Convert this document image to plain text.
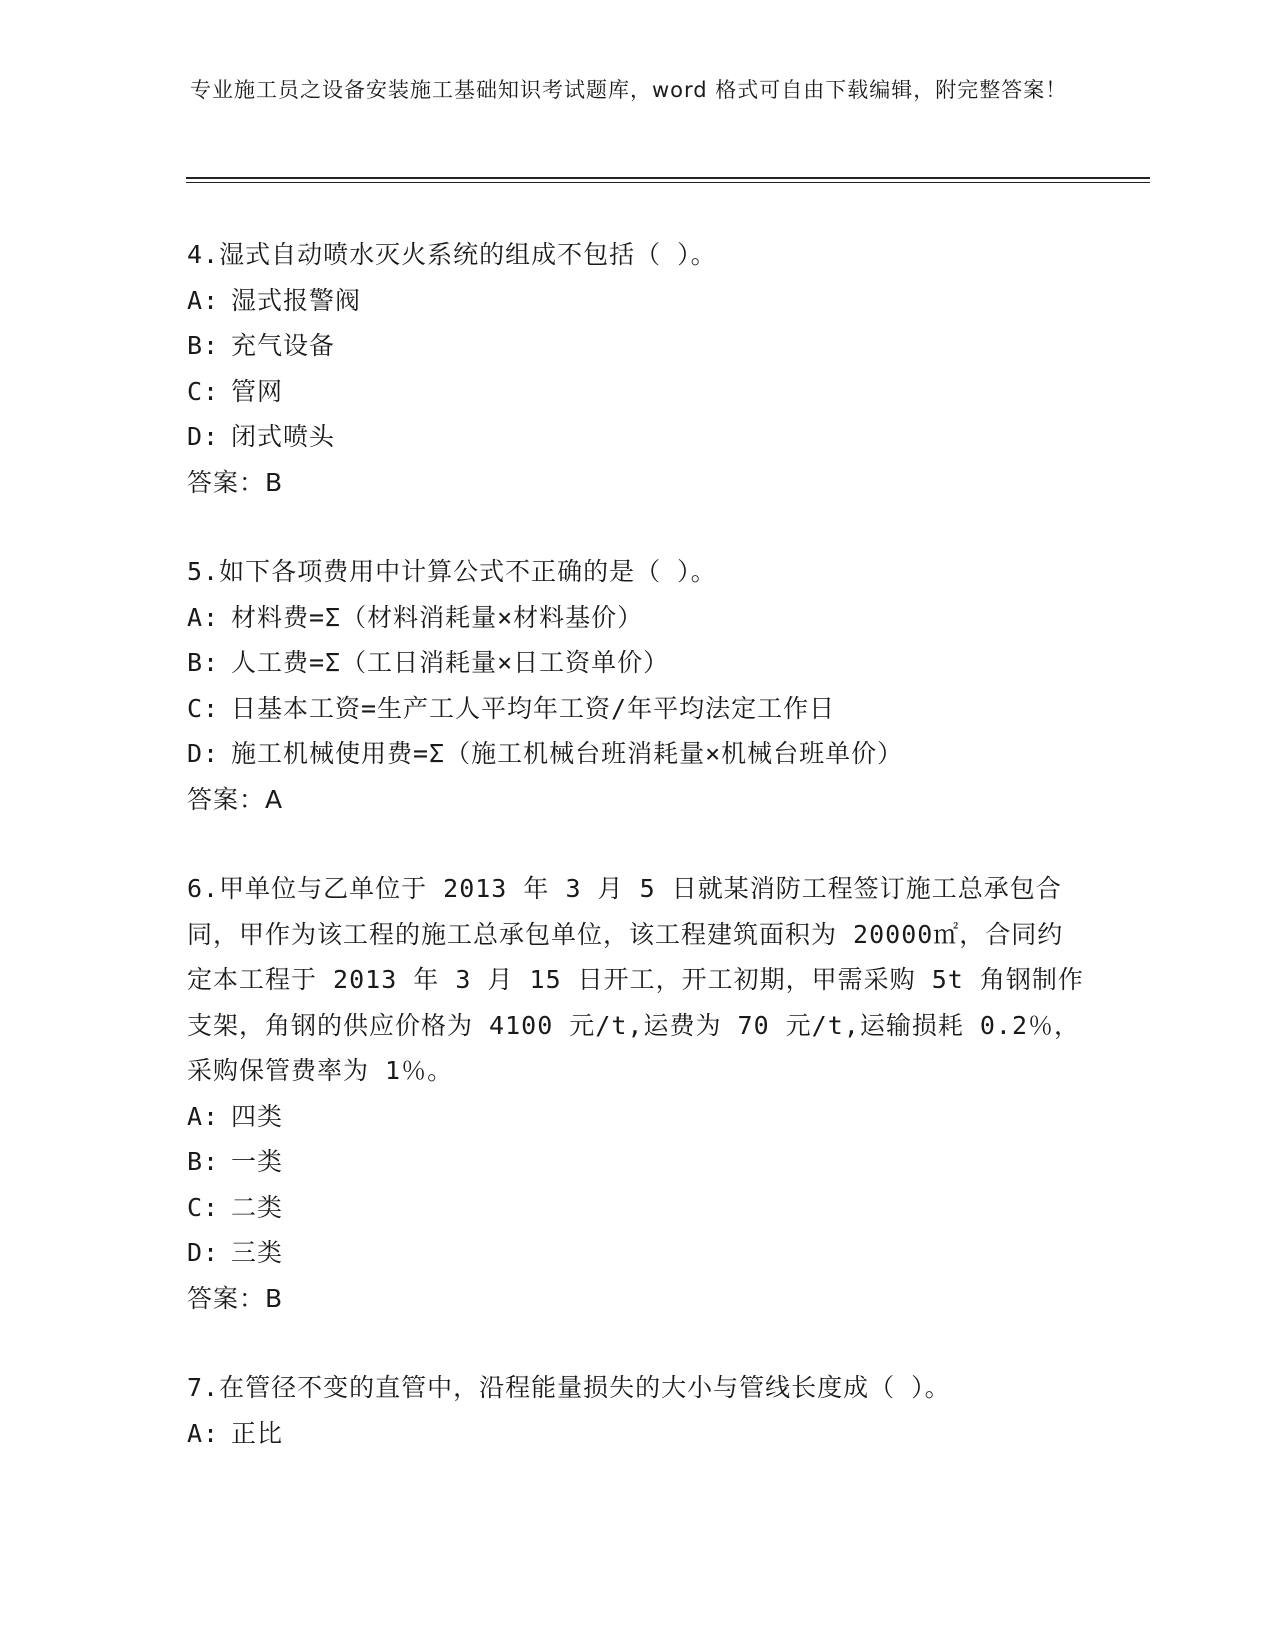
专业施工员之设备安装施工基础知识考试题库，word 格式可自由下载编辑，附完整答案！

4.湿式自动喷水灭火系统的组成不包括（ ）。

A: 湿式报警阀

B: 充气设备

C: 管网

D: 闭式喷头

答案：B

5.如下各项费用中计算公式不正确的是（ ）。

A: 材料费=Σ（材料消耗量×材料基价）

B: 人工费=Σ（工日消耗量×日工资单价）

C: 日基本工资=生产工人平均年工资/年平均法定工作日

D: 施工机械使用费=Σ（施工机械台班消耗量×机械台班单价）

答案：A

6.甲单位与乙单位于 2013 年 3 月 5 日就某消防工程签订施工总承包合同，甲作为该工程的施工总承包单位，该工程建筑面积为 20000㎡，合同约定本工程于 2013 年 3 月 15 日开工，开工初期，甲需采购 5t 角钢制作支架，角钢的供应价格为 4100 元/t,运费为 70 元/t,运输损耗 0.2％，采购保管费率为 1％。

A: 四类

B: 一类

C: 二类

D: 三类

答案：B

7.在管径不变的直管中，沿程能量损失的大小与管线长度成（ ）。

A: 正比
